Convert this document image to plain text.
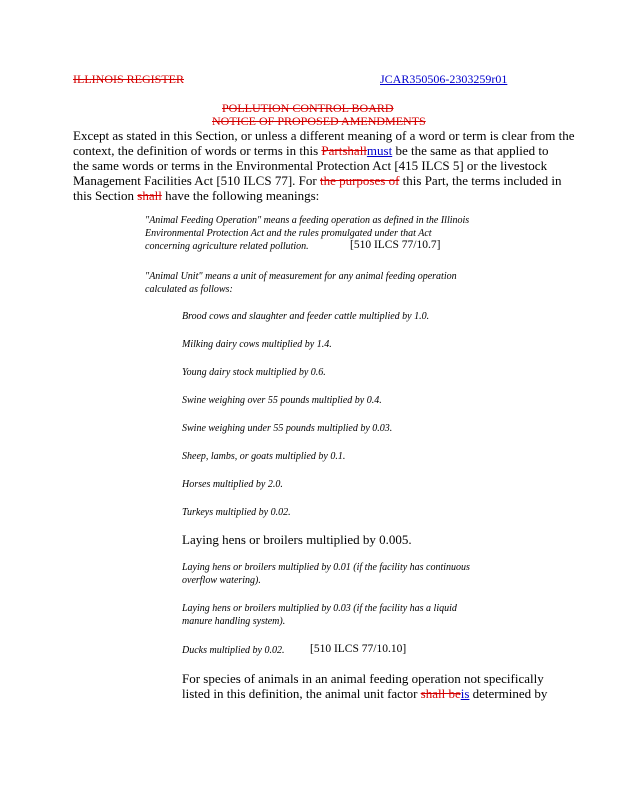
ILLINOIS REGISTER	JCAR350506-2303259r01
POLLUTION CONTROL BOARD
NOTICE OF PROPOSED AMENDMENTS
Except as stated in this Section, or unless a different meaning of a word or term is clear from the
context, the definition of words or terms in this Partshallmust be the same as that applied to
the same words or terms in the Environmental Protection Act [415 ILCS 5] or the livestock
Management Facilities Act [510 ILCS 77]. For the purposes of this Part, the terms included in
this Section shall have the following meanings:
"Animal Feeding Operation" means a feeding operation as defined in the Illinois
Environmental Protection Act and the rules promulgated under that Act
concerning agriculture related pollution.	[510 ILCS 77/10.7]
"Animal Unit" means a unit of measurement for any animal feeding operation
calculated as follows:
Brood cows and slaughter and feeder cattle multiplied by 1.0.
Milking dairy cows multiplied by 1.4.
Young dairy stock multiplied by 0.6.
Swine weighing over 55 pounds multiplied by 0.4.
Swine weighing under 55 pounds multiplied by 0.03.
Sheep, lambs, or goats multiplied by 0.1.
Horses multiplied by 2.0.
Turkeys multiplied by 0.02.
Laying hens or broilers multiplied by 0.005.
Laying hens or broilers multiplied by 0.01 (if the facility has continuous
overflow watering).
Laying hens or broilers multiplied by 0.03 (if the facility has a liquid
manure handling system).
Ducks multiplied by 0.02. [510 ILCS 77/10.10]
For species of animals in an animal feeding operation not specifically
listed in this definition, the animal unit factor shall beis determined by
